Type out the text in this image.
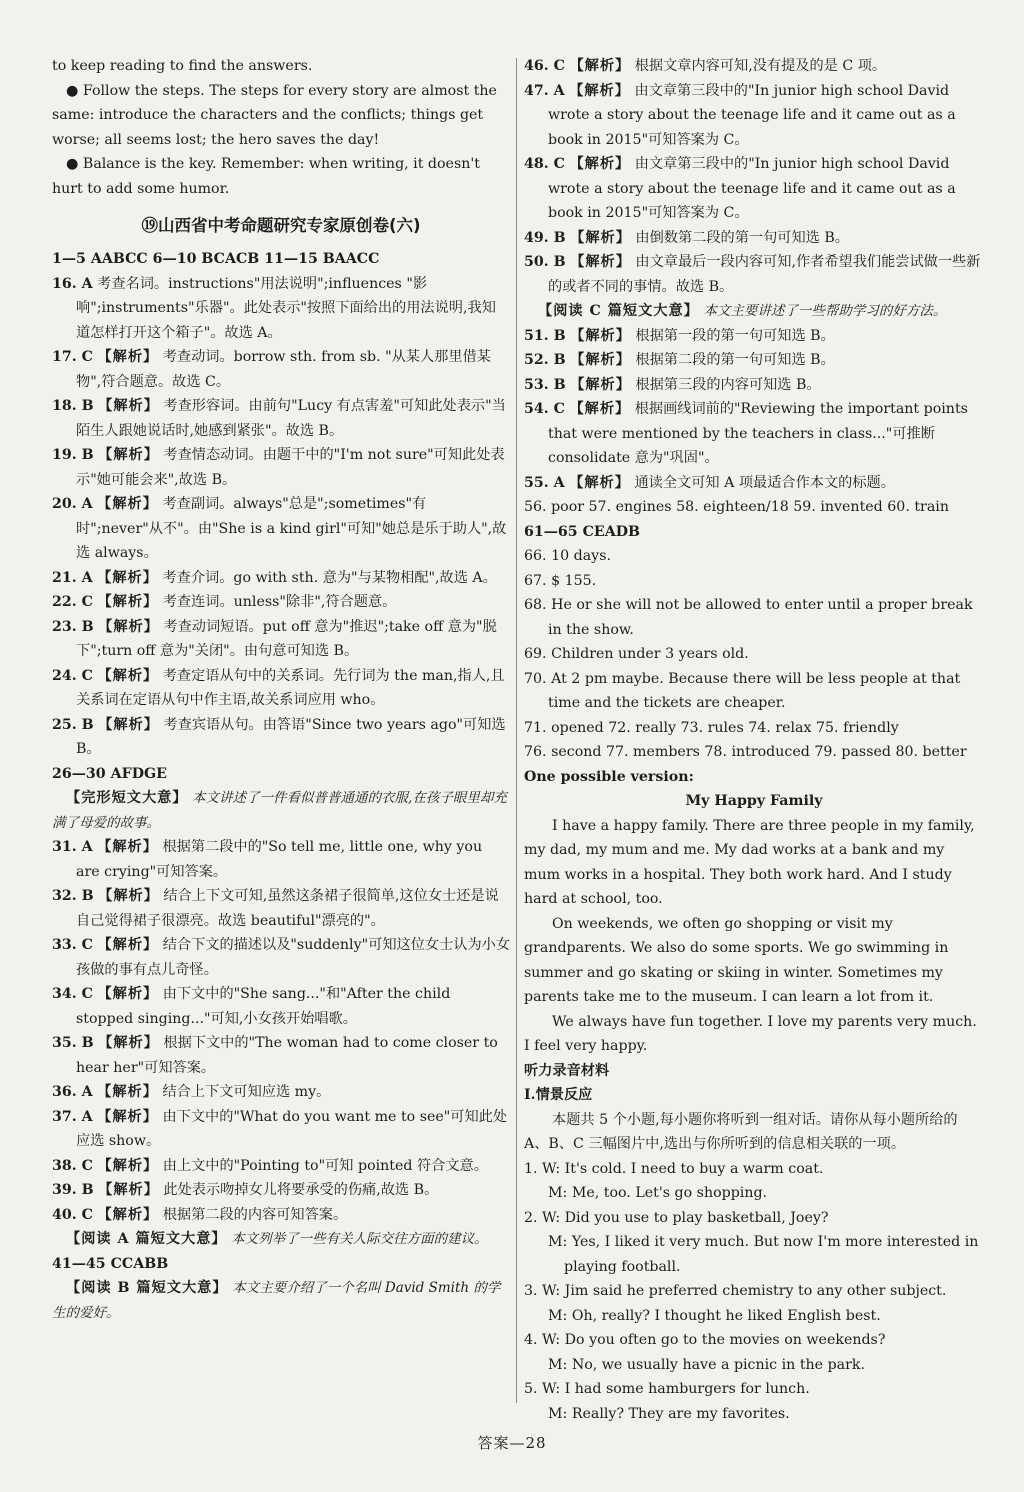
to keep reading to find the answers.

● Follow the steps. The steps for every story are almost the same: introduce the characters and the conflicts; things get worse; all seems lost; the hero saves the day!

● Balance is the key. Remember: when writing, it doesn't hurt to add some humor.

⑲山西省中考命题研究专家原创卷(六)

1—5 AABCC 6—10 BCACB 11—15 BAACC

16. A 考查名词。instructions"用法说明";influences "影响";instruments"乐器"。此处表示"按照下面给出的用法说明,我知道怎样打开这个箱子"。故选 A。

17. C 【解析】 考查动词。borrow sth. from sb. "从某人那里借某物",符合题意。故选 C。

18. B 【解析】 考查形容词。由前句"Lucy 有点害羞"可知此处表示"当陌生人跟她说话时,她感到紧张"。故选 B。

19. B 【解析】 考查情态动词。由题干中的"I'm not sure"可知此处表示"她可能会来",故选 B。

20. A 【解析】 考查副词。always"总是";sometimes"有时";never"从不"。由"She is a kind girl"可知"她总是乐于助人",故选 always。

21. A 【解析】 考查介词。go with sth. 意为"与某物相配",故选 A。

22. C 【解析】 考查连词。unless"除非",符合题意。

23. B 【解析】 考查动词短语。put off 意为"推迟";take off 意为"脱下";turn off 意为"关闭"。由句意可知选 B。

24. C 【解析】 考查定语从句中的关系词。先行词为 the man,指人,且关系词在定语从句中作主语,故关系词应用 who。

25. B 【解析】 考查宾语从句。由答语"Since two years ago"可知选 B。

26—30 AFDGE

【完形短文大意】 本文讲述了一件看似普普通通的衣服,在孩子眼里却充满了母爱的故事。

31. A 【解析】 根据第二段中的"So tell me, little one, why you are crying"可知答案。

32. B 【解析】 结合上下文可知,虽然这条裙子很简单,这位女士还是说自己觉得裙子很漂亮。故选 beautiful"漂亮的"。

33. C 【解析】 结合下文的描述以及"suddenly"可知这位女士认为小女孩做的事有点儿奇怪。

34. C 【解析】 由下文中的"She sang..."和"After the child stopped singing..."可知,小女孩开始唱歌。

35. B 【解析】 根据下文中的"The woman had to come closer to hear her"可知答案。

36. A 【解析】 结合上下文可知应选 my。

37. A 【解析】 由下文中的"What do you want me to see"可知此处应选 show。

38. C 【解析】 由上文中的"Pointing to"可知 pointed 符合文意。

39. B 【解析】 此处表示吻掉女儿将要承受的伤痛,故选 B。

40. C 【解析】 根据第二段的内容可知答案。

【阅读 A 篇短文大意】 本文列举了一些有关人际交往方面的建议。

41—45 CCABB

【阅读 B 篇短文大意】 本文主要介绍了一个名叫 David Smith 的学生的爱好。

46. C 【解析】 根据文章内容可知,没有提及的是 C 项。

47. A 【解析】 由文章第三段中的"In junior high school David wrote a story about the teenage life and it came out as a book in 2015"可知答案为 C。

48. C 【解析】 由文章第三段中的"In junior high school David wrote a story about the teenage life and it came out as a book in 2015"可知答案为 C。

49. B 【解析】 由倒数第二段的第一句可知选 B。

50. B 【解析】 由文章最后一段内容可知,作者希望我们能尝试做一些新的或者不同的事情。故选 B。

【阅读 C 篇短文大意】 本文主要讲述了一些帮助学习的好方法。

51. B 【解析】 根据第一段的第一句可知选 B。

52. B 【解析】 根据第二段的第一句可知选 B。

53. B 【解析】 根据第三段的内容可知选 B。

54. C 【解析】 根据画线词前的"Reviewing the important points that were mentioned by the teachers in class..."可推断 consolidate 意为"巩固"。

55. A 【解析】 通读全文可知 A 项最适合作本文的标题。

56. poor 57. engines 58. eighteen/18 59. invented 60. train

61—65 CEADB

66. 10 days.

67. $ 155.

68. He or she will not be allowed to enter until a proper break in the show.

69. Children under 3 years old.

70. At 2 pm maybe. Because there will be less people at that time and the tickets are cheaper.

71. opened 72. really 73. rules 74. relax 75. friendly

76. second 77. members 78. introduced 79. passed 80. better

One possible version:

My Happy Family

I have a happy family. There are three people in my family, my dad, my mum and me. My dad works at a bank and my mum works in a hospital. They both work hard. And I study hard at school, too.

On weekends, we often go shopping or visit my grandparents. We also do some sports. We go swimming in summer and go skating or skiing in winter. Sometimes my parents take me to the museum. I can learn a lot from it.

We always have fun together. I love my parents very much. I feel very happy.

听力录音材料

Ⅰ.情景反应

本题共 5 个小题,每小题你将听到一组对话。请你从每小题所给的 A、B、C 三幅图片中,选出与你所听到的信息相关联的一项。

1. W: It's cold. I need to buy a warm coat.

M: Me, too. Let's go shopping.

2. W: Did you use to play basketball, Joey?

M: Yes, I liked it very much. But now I'm more interested in playing football.

3. W: Jim said he preferred chemistry to any other subject.

M: Oh, really? I thought he liked English best.

4. W: Do you often go to the movies on weekends?

M: No, we usually have a picnic in the park.

5. W: I had some hamburgers for lunch.

M: Really? They are my favorites.

答案—28
